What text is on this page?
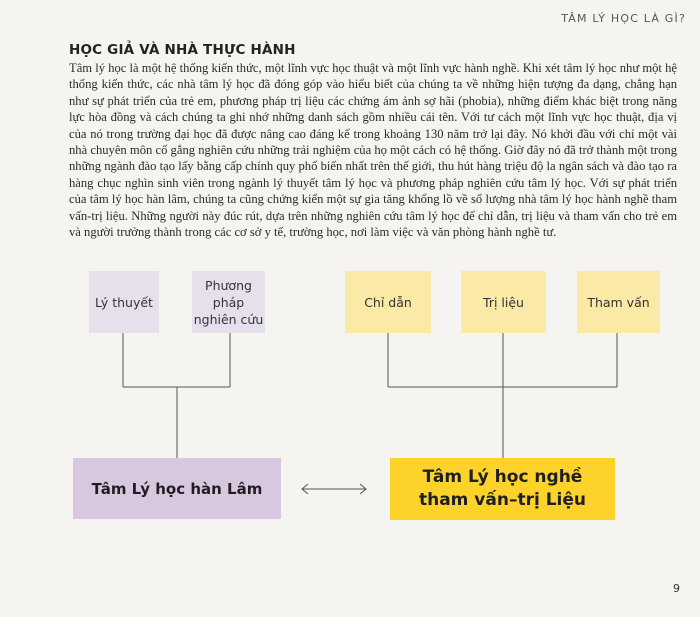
TÂM LÝ HỌC LÀ GÌ?
HỌC GIẢ VÀ NHÀ THỰC HÀNH

Tâm lý học là một hệ thống kiến thức, một lĩnh vực học thuật và một lĩnh vực hành nghề. Khi xét tâm lý học như một hệ thống kiến thức, các nhà tâm lý học đã đóng góp vào hiểu biết của chúng ta về những hiện tượng đa dạng, chẳng hạn như sự phát triển của trẻ em, phương pháp trị liệu các chứng ám ảnh sợ hãi (phobia), những điểm khác biệt trong năng lực hòa đồng và cách chúng ta ghi nhớ những danh sách gồm nhiều cái tên. Với tư cách một lĩnh vực học thuật, địa vị của nó trong trường đại học đã được nâng cao đáng kể trong khoảng 130 năm trở lại đây. Nó khởi đầu với chỉ một vài nhà chuyên môn cố gắng nghiên cứu những trải nghiệm của họ một cách có hệ thống. Giờ đây nó đã trở thành một trong những ngành đào tạo lấy bằng cấp chính quy phổ biến nhất trên thế giới, thu hút hàng triệu độ la ngân sách và đào tạo ra hàng chục nghìn sinh viên trong ngành lý thuyết tâm lý học và phương pháp nghiên cứu tâm lý học. Với sự phát triển của tâm lý học hàn lâm, chúng ta cũng chứng kiến một sự gia tăng khổng lồ về số lượng nhà tâm lý học hành nghề tham vấn-trị liệu. Những người này đúc rút, dựa trên những nghiên cứu tâm lý học để chỉ dẫn, trị liệu và tham vấn cho trẻ em và người trưởng thành trong các cơ sở y tế, trường học, nơi làm việc và văn phòng hành nghề tư.

Lý thuyết
Phương
pháp
nghiên cứu
Chỉ dẫn	Trị liệu	Tham vấn
Tâm Lý học hàn Lâm
Tâm Lý học nghề
tham vấn–trị Liệu
9
